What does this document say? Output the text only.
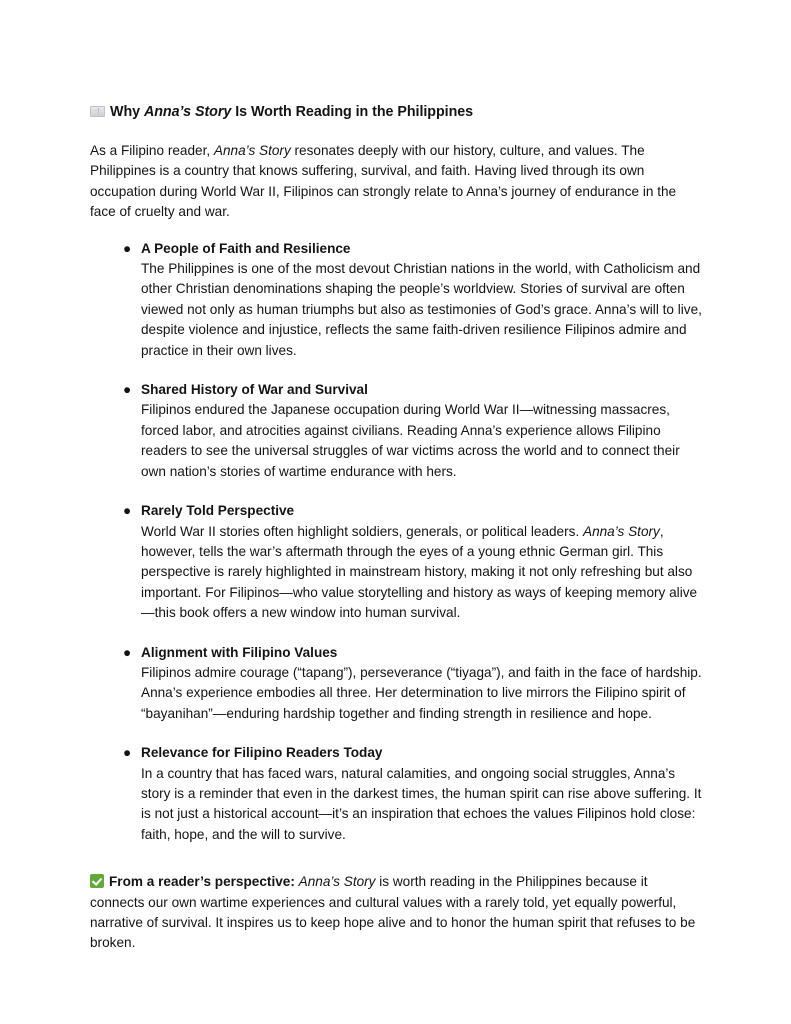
Why Anna’s Story Is Worth Reading in the Philippines

As a Filipino reader, Anna’s Story resonates deeply with our history, culture, and values. The Philippines is a country that knows suffering, survival, and faith. Having lived through its own occupation during World War II, Filipinos can strongly relate to Anna’s journey of endurance in the face of cruelty and war.

● A People of Faith and Resilience
The Philippines is one of the most devout Christian nations in the world, with Catholicism and other Christian denominations shaping the people’s worldview. Stories of survival are often viewed not only as human triumphs but also as testimonies of God’s grace. Anna’s will to live, despite violence and injustice, reflects the same faith-driven resilience Filipinos admire and practice in their own lives.
● Shared History of War and Survival
Filipinos endured the Japanese occupation during World War II—witnessing massacres, forced labor, and atrocities against civilians. Reading Anna’s experience allows Filipino readers to see the universal struggles of war victims across the world and to connect their own nation’s stories of wartime endurance with hers.
● Rarely Told Perspective
World War II stories often highlight soldiers, generals, or political leaders. Anna’s Story, however, tells the war’s aftermath through the eyes of a young ethnic German girl. This perspective is rarely highlighted in mainstream history, making it not only refreshing but also important. For Filipinos—who value storytelling and history as ways of keeping memory alive—this book offers a new window into human survival.
● Alignment with Filipino Values
Filipinos admire courage (“tapang”), perseverance (“tiyaga”), and faith in the face of hardship. Anna’s experience embodies all three. Her determination to live mirrors the Filipino spirit of “bayanihan”—enduring hardship together and finding strength in resilience and hope.
● Relevance for Filipino Readers Today
In a country that has faced wars, natural calamities, and ongoing social struggles, Anna’s story is a reminder that even in the darkest times, the human spirit can rise above suffering. It is not just a historical account—it’s an inspiration that echoes the values Filipinos hold close: faith, hope, and the will to survive.

From a reader’s perspective: Anna’s Story is worth reading in the Philippines because it connects our own wartime experiences and cultural values with a rarely told, yet equally powerful, narrative of survival. It inspires us to keep hope alive and to honor the human spirit that refuses to be broken.
